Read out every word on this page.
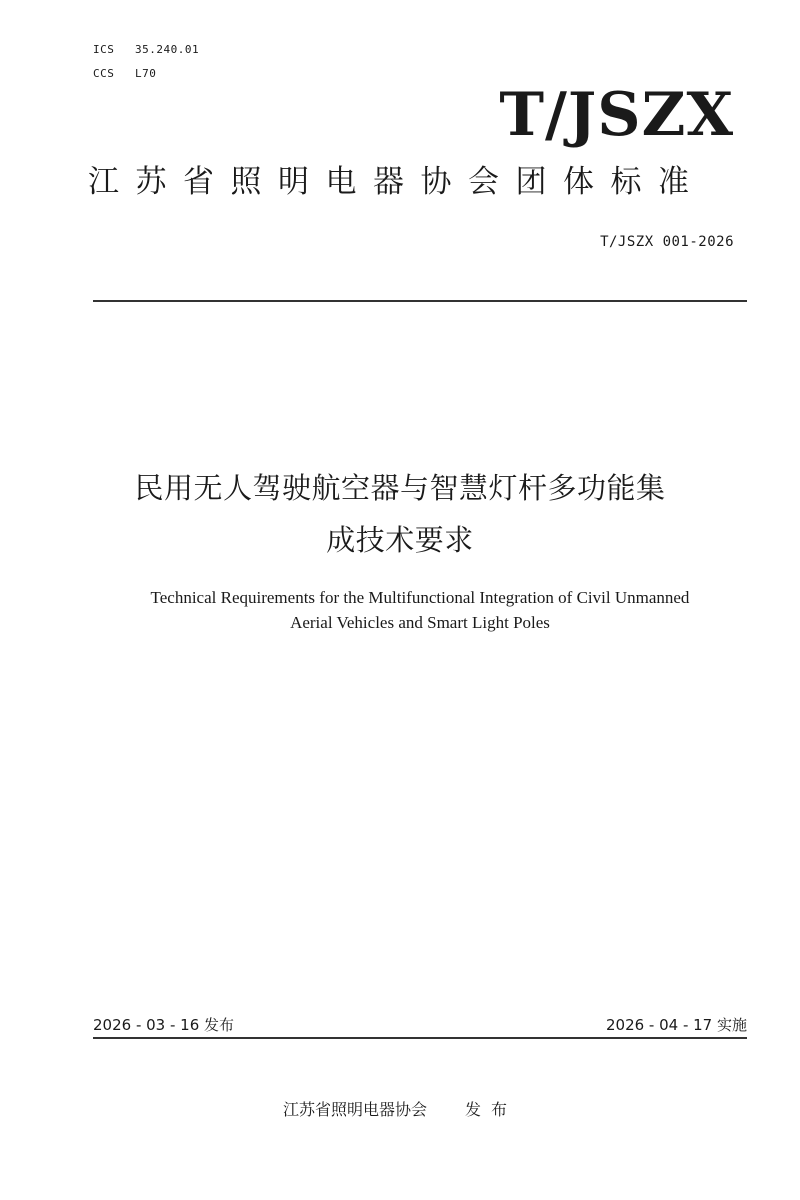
ICS 35.240.01
CCS L70
T/JSZX
江苏省照明电器协会团体标准
T/JSZX 001-2026
民用无人驾驶航空器与智慧灯杆多功能集
成技术要求
Technical Requirements for the Multifunctional Integration of Civil Unmanned
Aerial Vehicles and Smart Light Poles
2026 - 03 - 16 发布	2026 - 04 - 17 实施
江苏省照明电器协会 发布
